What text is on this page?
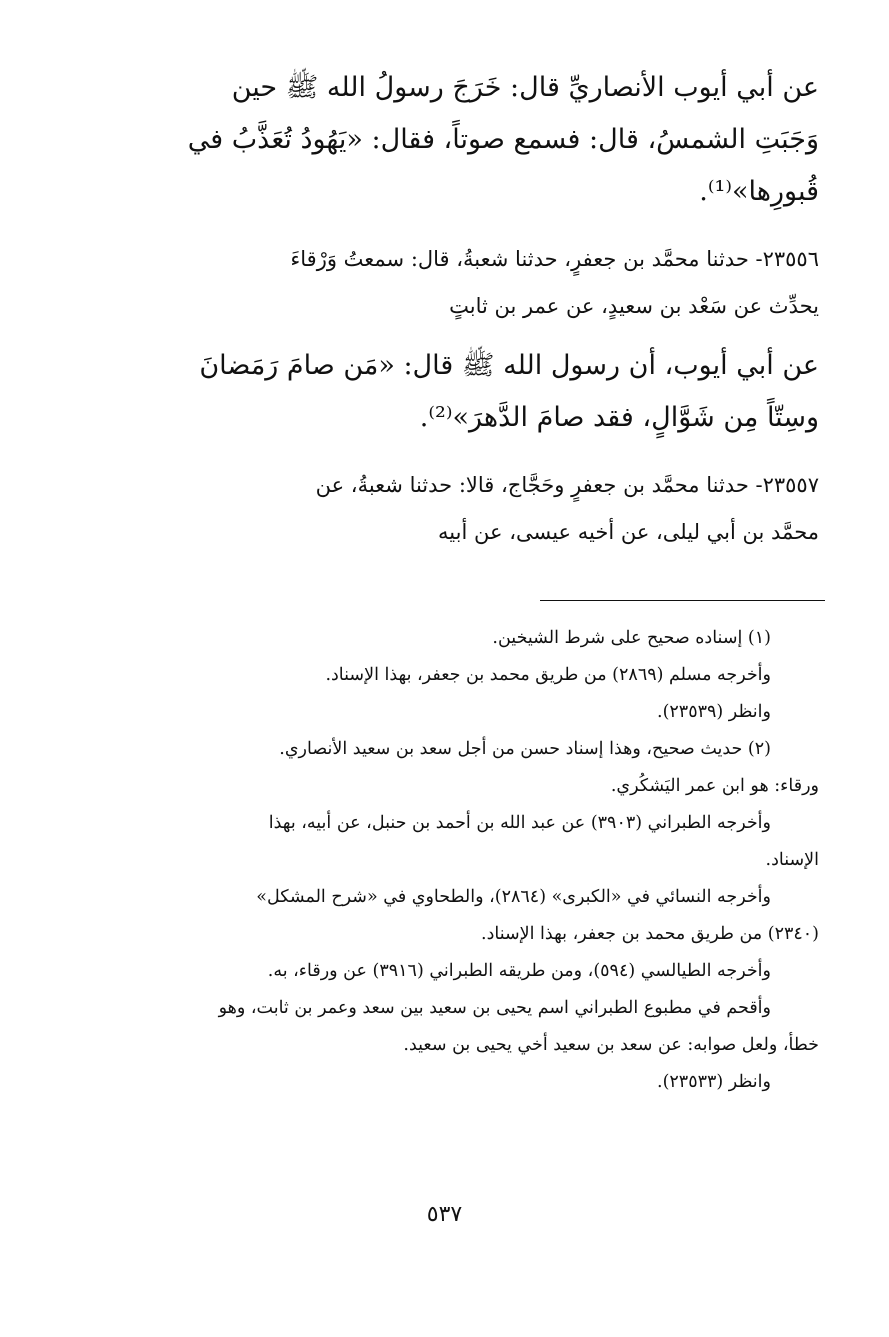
عن أبي أيوب الأنصاريِّ قال: خَرَجَ رسولُ الله ﷺ حين
وَجَبَتِ الشمسُ، قال: فسمع صوتاً، فقال: «يَهُودُ تُعَذَّبُ في
قُبورِها»⁽¹⁾.
٢٣٥٥٦- حدثنا محمَّد بن جعفرٍ، حدثنا شعبةُ، قال: سمعتُ وَرْقاءَ
يحدِّث عن سَعْد بن سعيدٍ، عن عمر بن ثابتٍ
عن أبي أيوب، أن رسول الله ﷺ قال: «مَن صامَ رَمَضانَ
وسِتّاً مِن شَوَّالٍ، فقد صامَ الدَّهرَ»⁽²⁾.
٢٣٥٥٧- حدثنا محمَّد بن جعفرٍ وحَجَّاج، قالا: حدثنا شعبةُ، عن
محمَّد بن أبي ليلى، عن أخيه عيسى، عن أبيه
(١) إسناده صحيح على شرط الشيخين.
وأخرجه مسلم (٢٨٦٩) من طريق محمد بن جعفر، بهذا الإسناد.
وانظر (٢٣٥٣٩).
(٢) حديث صحيح، وهذا إسناد حسن من أجل سعد بن سعيد الأنصاري.
ورقاء: هو ابن عمر اليَشكُري.
وأخرجه الطبراني (٣٩٠٣) عن عبد الله بن أحمد بن حنبل، عن أبيه، بهذا
الإسناد.
وأخرجه النسائي في «الكبرى» (٢٨٦٤)، والطحاوي في «شرح المشكل»
(٢٣٤٠) من طريق محمد بن جعفر، بهذا الإسناد.
وأخرجه الطيالسي (٥٩٤)، ومن طريقه الطبراني (٣٩١٦) عن ورقاء، به.
وأقحم في مطبوع الطبراني اسم يحيى بن سعيد بين سعد وعمر بن ثابت، وهو
خطأ، ولعل صوابه: عن سعد بن سعيد أخي يحيى بن سعيد.
وانظر (٢٣٥٣٣).
٥٣٧
